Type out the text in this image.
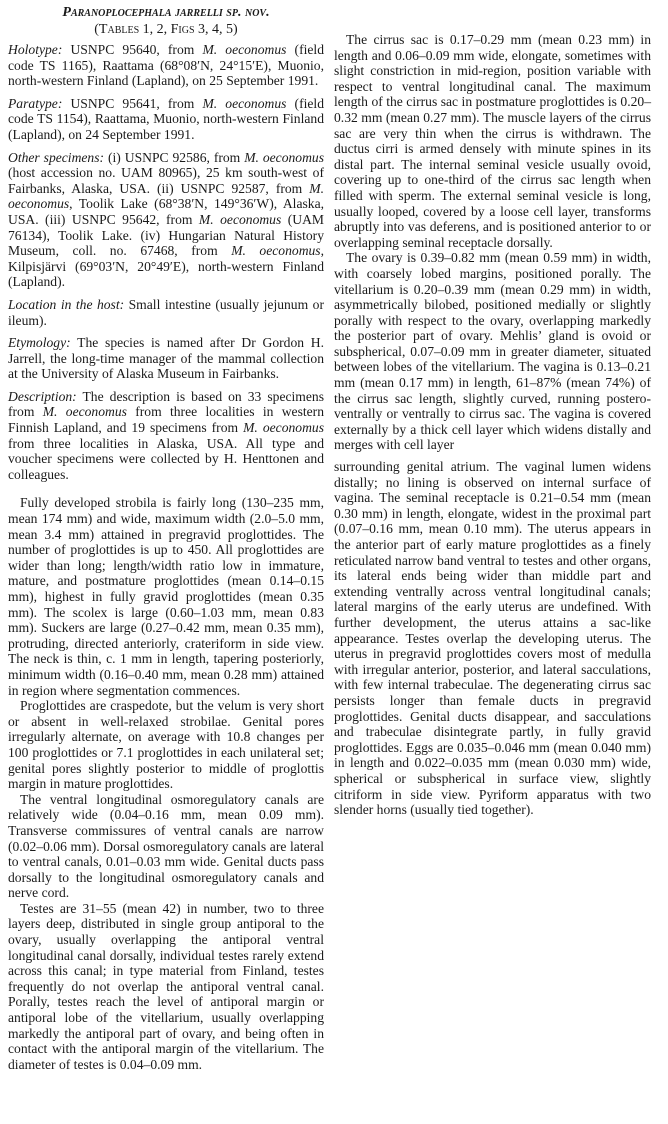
Paranoplocephala jarrelli sp. nov.
(Tables 1, 2, Figs 3, 4, 5)

Holotype: USNPC 95640, from M. oeconomus (field code TS 1165), Raattama (68°08′N, 24°15′E), Muonio, north-western Finland (Lapland), on 25 September 1991.

Paratype: USNPC 95641, from M. oeconomus (field code TS 1154), Raattama, Muonio, north-western Finland (Lapland), on 24 September 1991.

Other specimens: (i) USNPC 92586, from M. oeconomus (host accession no. UAM 80965), 25 km south-west of Fairbanks, Alaska, USA. (ii) USNPC 92587, from M. oeconomus, Toolik Lake (68°38′N, 149°36′W), Alaska, USA. (iii) USNPC 95642, from M. oeconomus (UAM 76134), Toolik Lake. (iv) Hungarian Natural History Museum, coll. no. 67468, from M. oeconomus, Kilpisjärvi (69°03′N, 20°49′E), north-western Finland (Lapland).

Location in the host: Small intestine (usually jejunum or ileum).

Etymology: The species is named after Dr Gordon H. Jarrell, the long-time manager of the mammal collection at the University of Alaska Museum in Fairbanks.

Description: The description is based on 33 specimens from M. oeconomus from three localities in western Finnish Lapland, and 19 specimens from M. oeconomus from three localities in Alaska, USA. All type and voucher specimens were collected by H. Henttonen and colleagues.

Fully developed strobila is fairly long (130–235 mm, mean 174 mm) and wide, maximum width (2.0–5.0 mm, mean 3.4 mm) attained in pregravid proglottides. The number of proglottides is up to 450. All proglottides are wider than long; length/width ratio low in immature, mature, and postmature proglottides (mean 0.14–0.15 mm), highest in fully gravid proglottides (mean 0.35 mm). The scolex is large (0.60–1.03 mm, mean 0.83 mm). Suckers are large (0.27–0.42 mm, mean 0.35 mm), protruding, directed anteriorly, crateriform in side view. The neck is thin, c. 1 mm in length, tapering posteriorly, minimum width (0.16–0.40 mm, mean 0.28 mm) attained in region where segmentation commences.

Proglottides are craspedote, but the velum is very short or absent in well-relaxed strobilae. Genital pores irregularly alternate, on average with 10.8 changes per 100 proglottides or 7.1 proglottides in each unilateral set; genital pores slightly posterior to middle of proglottis margin in mature proglottides.

The ventral longitudinal osmoregulatory canals are relatively wide (0.04–0.16 mm, mean 0.09 mm). Transverse commissures of ventral canals are narrow (0.02–0.06 mm). Dorsal osmoregulatory canals are lateral to ventral canals, 0.01–0.03 mm wide. Genital ducts pass dorsally to the longitudinal osmoregulatory canals and nerve cord.

Testes are 31–55 (mean 42) in number, two to three layers deep, distributed in single group antiporal to the ovary, usually overlapping the antiporal ventral longitudinal canal dorsally, individual testes rarely extend across this canal; in type material from Finland, testes frequently do not overlap the antiporal ventral canal. Porally, testes reach the level of antiporal margin or antiporal lobe of the vitellarium, usually overlapping markedly the antiporal part of ovary, and being often in contact with the antiporal margin of the vitellarium. The diameter of testes is 0.04–0.09 mm.

The cirrus sac is 0.17–0.29 mm (mean 0.23 mm) in length and 0.06–0.09 mm wide, elongate, sometimes with slight constriction in mid-region, position variable with respect to ventral longitudinal canal. The maximum length of the cirrus sac in postmature proglottides is 0.20–0.32 mm (mean 0.27 mm). The muscle layers of the cirrus sac are very thin when the cirrus is withdrawn. The ductus cirri is armed densely with minute spines in its distal part. The internal seminal vesicle usually ovoid, covering up to one-third of the cirrus sac length when filled with sperm. The external seminal vesicle is long, usually looped, covered by a loose cell layer, transforms abruptly into vas deferens, and is positioned anterior to or overlapping seminal receptacle dorsally.

The ovary is 0.39–0.82 mm (mean 0.59 mm) in width, with coarsely lobed margins, positioned porally. The vitellarium is 0.20–0.39 mm (mean 0.29 mm) in width, asymmetrically bilobed, positioned medially or slightly porally with respect to the ovary, overlapping markedly the posterior part of ovary. Mehlis’ gland is ovoid or subspherical, 0.07–0.09 mm in greater diameter, situated between lobes of the vitellarium. The vagina is 0.13–0.21 mm (mean 0.17 mm) in length, 61–87% (mean 74%) of the cirrus sac length, slightly curved, running postero-ventrally or ventrally to cirrus sac. The vagina is covered externally by a thick cell layer which widens distally and merges with cell layer

surrounding genital atrium. The vaginal lumen widens distally; no lining is observed on internal surface of vagina. The seminal receptacle is 0.21–0.54 mm (mean 0.30 mm) in length, elongate, widest in the proximal part (0.07–0.16 mm, mean 0.10 mm). The uterus appears in the anterior part of early mature proglottides as a finely reticulated narrow band ventral to testes and other organs, its lateral ends being wider than middle part and extending ventrally across ventral longitudinal canals; lateral margins of the early uterus are undefined. With further development, the uterus attains a sac-like appearance. Testes overlap the developing uterus. The uterus in pregravid proglottides covers most of medulla with irregular anterior, posterior, and lateral sacculations, with few internal trabeculae. The degenerating cirrus sac persists longer than female ducts in pregravid proglottides. Genital ducts disappear, and sacculations and trabeculae disintegrate partly, in fully gravid proglottides. Eggs are 0.035–0.046 mm (mean 0.040 mm) in length and 0.022–0.035 mm (mean 0.030 mm) wide, spherical or subspherical in surface view, slightly citriform in side view. Pyriform apparatus with two slender horns (usually tied together).
